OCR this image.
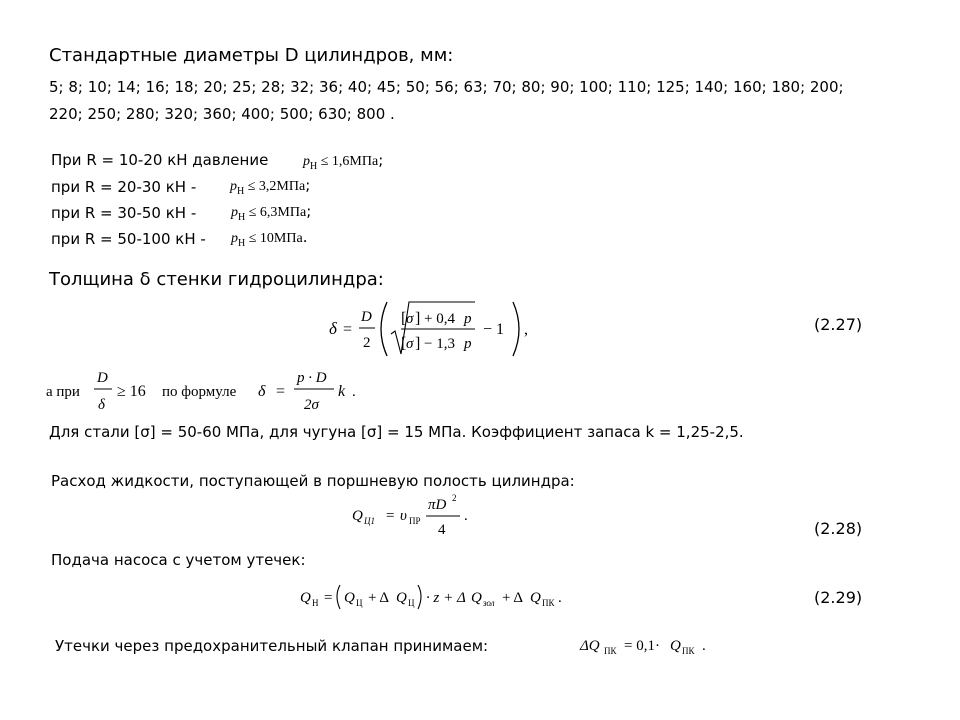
Стандартные диаметры D цилиндров, мм:
5; 8; 10; 14; 16; 18; 20; 25; 28; 32; 36; 40; 45; 50; 56; 63; 70; 80; 90; 100; 110; 125; 140; 160; 180; 200;
220; 250; 280; 320; 360; 400; 500; 630; 800 .
При R = 10-20 кН давление $p_Н \le 1,6МПа$;
при R = 20-30 кН - $p_Н \le 3,2МПа$;
при R = 30-50 кН - $p_Н \le 6,3МПа$;
при R = 50-100 кН - $p_Н \le 10МПа$.
Толщина δ стенки гидроцилиндра:
δ =
D
2
[ σ ] + 0,4 p
[ σ ] − 1,3 p
− 1 ,	(2.27)
а при
D
δ
≥ 16 по формуле δ =
p · D
2σ
k .
Для стали [σ] = 50-60 МПа, для чугуна [σ] = 15 МПа. Коэффициент запаса k = 1,25-2,5.
Расход жидкости, поступающей в поршневую полость цилиндра:
Q Ц1 = υ ПР
πD 2
4
.
(2.28)
Подача насоса с учетом утечек:
Q Н = Q Ц + Δ Q Ц · z + Δ Q зол + Δ Q ПК .	(2.29)
Утечки через предохранительный клапан принимаем:	ΔQ ПК = 0,1· Q ПК .
